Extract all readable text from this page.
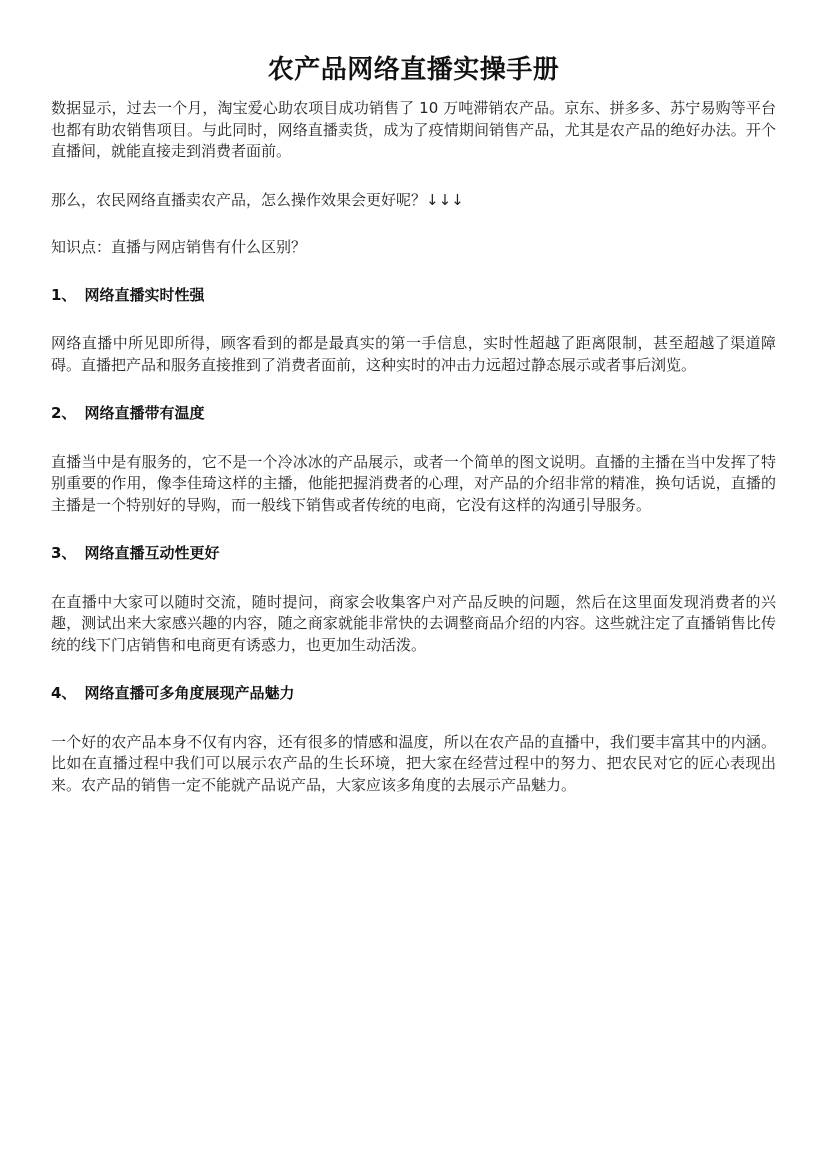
农产品网络直播实操手册

数据显示，过去一个月，淘宝爱心助农项目成功销售了 10 万吨滞销农产品。京东、拼多多、苏宁易购等平台也都有助农销售项目。与此同时，网络直播卖货，成为了疫情期间销售产品，尤其是农产品的绝好办法。开个直播间，就能直接走到消费者面前。

那么，农民网络直播卖农产品，怎么操作效果会更好呢？↓↓↓

知识点：直播与网店销售有什么区别？

1、 网络直播实时性强

网络直播中所见即所得，顾客看到的都是最真实的第一手信息，实时性超越了距离限制，甚至超越了渠道障碍。直播把产品和服务直接推到了消费者面前，这种实时的冲击力远超过静态展示或者事后浏览。

2、 网络直播带有温度

直播当中是有服务的，它不是一个冷冰冰的产品展示，或者一个简单的图文说明。直播的主播在当中发挥了特别重要的作用，像李佳琦这样的主播，他能把握消费者的心理，对产品的介绍非常的精准，换句话说，直播的主播是一个特别好的导购，而一般线下销售或者传统的电商，它没有这样的沟通引导服务。

3、 网络直播互动性更好

在直播中大家可以随时交流，随时提问，商家会收集客户对产品反映的问题，然后在这里面发现消费者的兴趣，测试出来大家感兴趣的内容，随之商家就能非常快的去调整商品介绍的内容。这些就注定了直播销售比传统的线下门店销售和电商更有诱惑力，也更加生动活泼。

4、 网络直播可多角度展现产品魅力

一个好的农产品本身不仅有内容，还有很多的情感和温度，所以在农产品的直播中，我们要丰富其中的内涵。比如在直播过程中我们可以展示农产品的生长环境，把大家在经营过程中的努力、把农民对它的匠心表现出来。农产品的销售一定不能就产品说产品，大家应该多角度的去展示产品魅力。
